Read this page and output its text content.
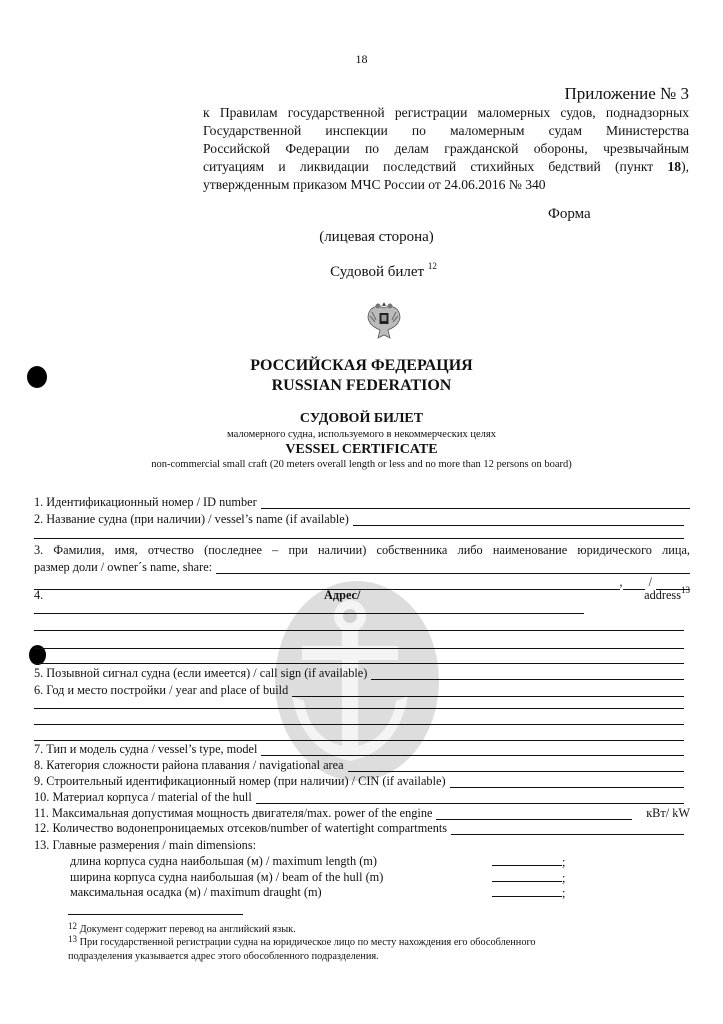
18
Приложение № 3
к Правилам государственной регистрации маломерных судов, поднадзорных
Государственной инспекции по маломерным судам Министерства
Российской Федерации по делам гражданской обороны, чрезвычайным
ситуациям и ликвидации последствий стихийных бедствий (пункт 18),
утвержденным приказом МЧС России от 24.06.2016 № 340
Форма
(лицевая сторона)
Судовой билет $^{12}$
РОССИЙСКАЯ ФЕДЕРАЦИЯ
RUSSIAN FEDERATION
СУДОВОЙ БИЛЕТ
маломерного судна, используемого в некоммерческих целях
VESSEL CERTIFICATE
non-commercial small craft (20 meters overall length or less and no more than 12 persons on board)
1. Идентификационный номер / ID number
2. Название судна (при наличии) / vessel’s name (if available)
3. Фамилия, имя, отчество (последнее – при наличии) собственника либо наименование юридического лица,
размер доли / owner´s name, share:
, /
4.	Адрес/	address$^{13}$
5. Позывной сигнал судна (если имеется) / call sign (if available)
6. Год и место постройки / year and place of build
7. Тип и модель судна / vessel’s type, model
8. Категория сложности района плавания / navigational area
9. Строительный идентификационный номер (при наличии) / CIN (if available)
10. Материал корпуса / material of the hull
11. Максимальная допустимая мощность двигателя/max. power of the engine	кВт/ kW
12. Количество водонепроницаемых отсеков/number of watertight compartments
13. Главные размерения / main dimensions:
длина корпуса судна наибольшая (м) / maximum length (m)	;
ширина корпуса судна наибольшая (м) / beam of the hull (m)	;
максимальная осадка (м) / maximum draught (m)	;
$^{12}$ Документ содержит перевод на английский язык.
$^{13}$ При государственной регистрации судна на юридическое лицо по месту нахождения его обособленного
подразделения указывается адрес этого обособленного подразделения.
